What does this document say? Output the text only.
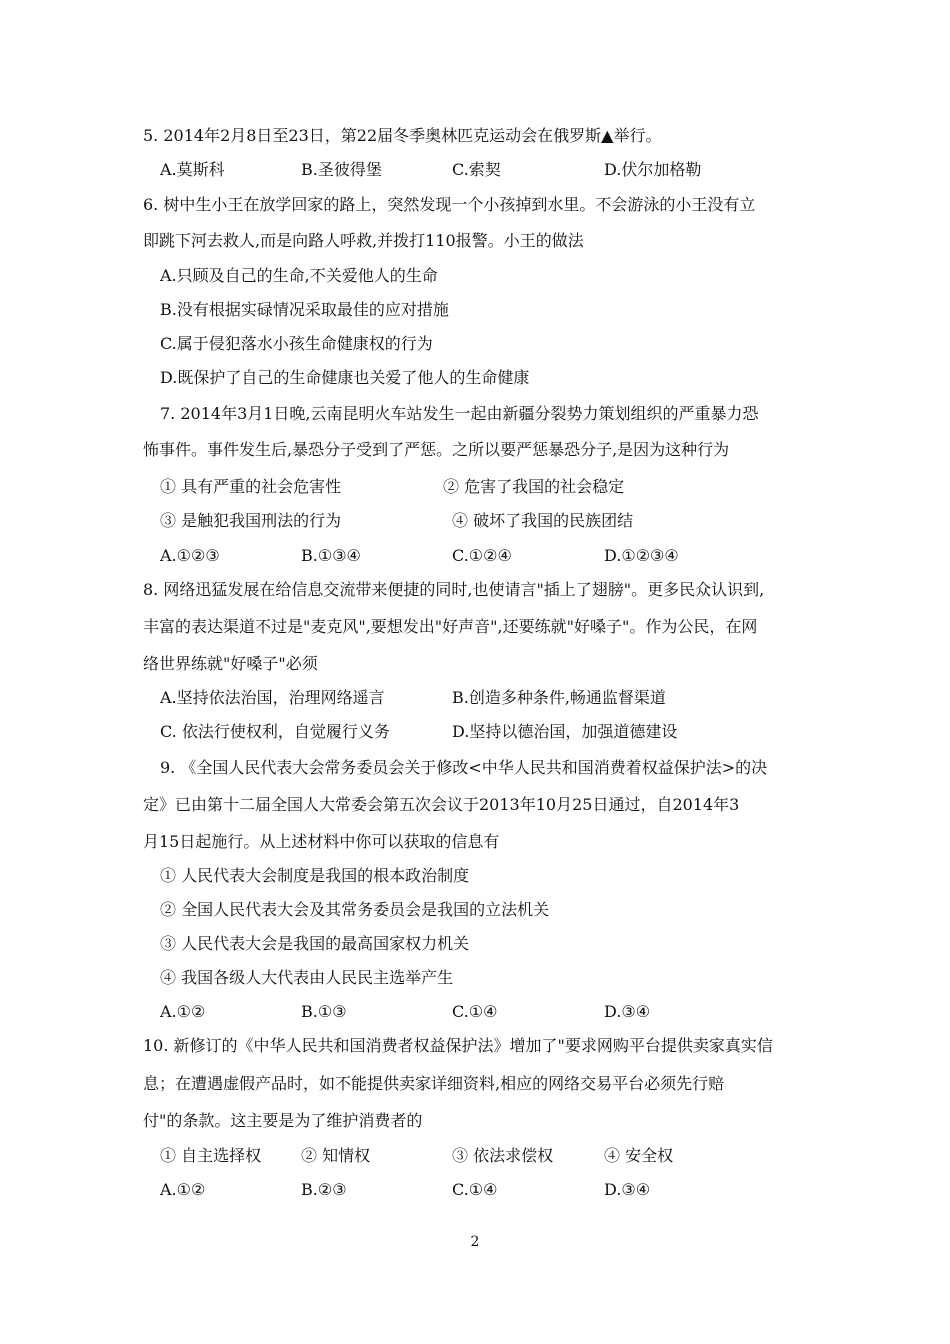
5. 2014年2月8日至23日，第22届冬季奥林匹克运动会在俄罗斯▲举行。
A.莫斯科	B.圣彼得堡	C.索契	D.伏尔加格勒
6. 树中生小王在放学回家的路上，突然发现一个小孩掉到水里。不会游泳的小王没有立
即跳下河去救人,而是向路人呼救,并拨打110报警。小王的做法
A.只顾及自己的生命,不关爱他人的生命
B.没有根据实碌情况采取最佳的应对措施
C.属于侵犯落水小孩生命健康权的行为
D.既保护了自己的生命健康也关爱了他人的生命健康
7. 2014年3月1日晚,云南昆明火车站发生一起由新疆分裂势力策划组织的严重暴力恐
怖事件。事件发生后,暴恐分子受到了严惩。之所以要严惩暴恐分子,是因为这种行为
① 具有严重的社会危害性	② 危害了我国的社会稳定
③ 是触犯我国刑法的行为	④ 破坏了我国的民族团结
A.①②③	B.①③④	C.①②④	D.①②③④
8. 网络迅猛发展在给信息交流带来便捷的同时,也使请言"插上了翅膀"。更多民众认识到,
丰富的表达渠道不过是"麦克风",要想发出"好声音",还要练就"好嗓子"。作为公民，在网
络世界练就"好嗓子"必须
A.坚持依法治国，治理网络遥言	B.创造多种条件,畅通监督渠道
C. 依法行使权利，自觉履行义务	D.坚持以德治国，加强道德建设
9. 《全国人民代表大会常务委员会关于修改<中华人民共和国消费着权益保护法>的决
定》已由第十二届全国人大常委会第五次会议于2013年10月25日通过，自2014年3
月15日起施行。从上述材料中你可以获取的信息有
① 人民代表大会制度是我国的根本政治制度
② 全国人民代表大会及其常务委员会是我国的立法机关
③ 人民代表大会是我国的最高国家权力机关
④ 我国各级人大代表由人民民主选举产生
A.①②	B.①③	C.①④	D.③④
10. 新修订的《中华人民共和国消费者权益保护法》增加了"要求网购平台提供卖家真实信
息；在遭遇虚假产品时，如不能提供卖家详细资料,相应的网络交易平台必须先行赔
付"的条款。这主要是为了维护消费者的
① 自主选择权 ② 知情权	③ 依法求偿权	④ 安全权
A.①②	B.②③	C.①④	D.③④
2
